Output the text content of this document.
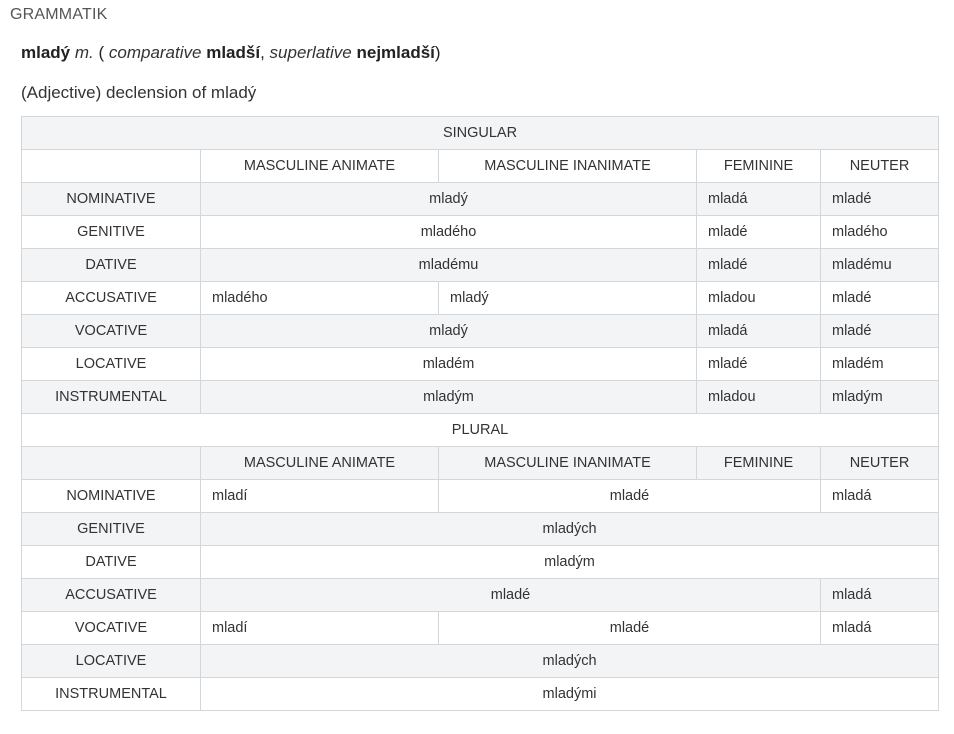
GRAMMATIK
mladý m. ( comparative mladší, superlative nejmladší)
(Adjective) declension of mladý
SINGULAR				
	MASCULINE ANIMATE	MASCULINE INANIMATE	FEMININE	NEUTER
NOMINATIVE	mladý		mladá	mladé
GENITIVE	mladého		mladé	mladého
DATIVE	mladému		mladé	mladému
ACCUSATIVE	mladého	mladý	mladou	mladé
VOCATIVE	mladý		mladá	mladé
LOCATIVE	mladém		mladé	mladém
INSTRUMENTAL	mladým		mladou	mladým
PLURAL				
	MASCULINE ANIMATE	MASCULINE INANIMATE	FEMININE	NEUTER
NOMINATIVE	mladí	mladé		mladá
GENITIVE	mladých			
DATIVE	mladým			
ACCUSATIVE	mladé			mladá
VOCATIVE	mladí	mladé		mladá
LOCATIVE	mladých			
INSTRUMENTAL	mladými			
